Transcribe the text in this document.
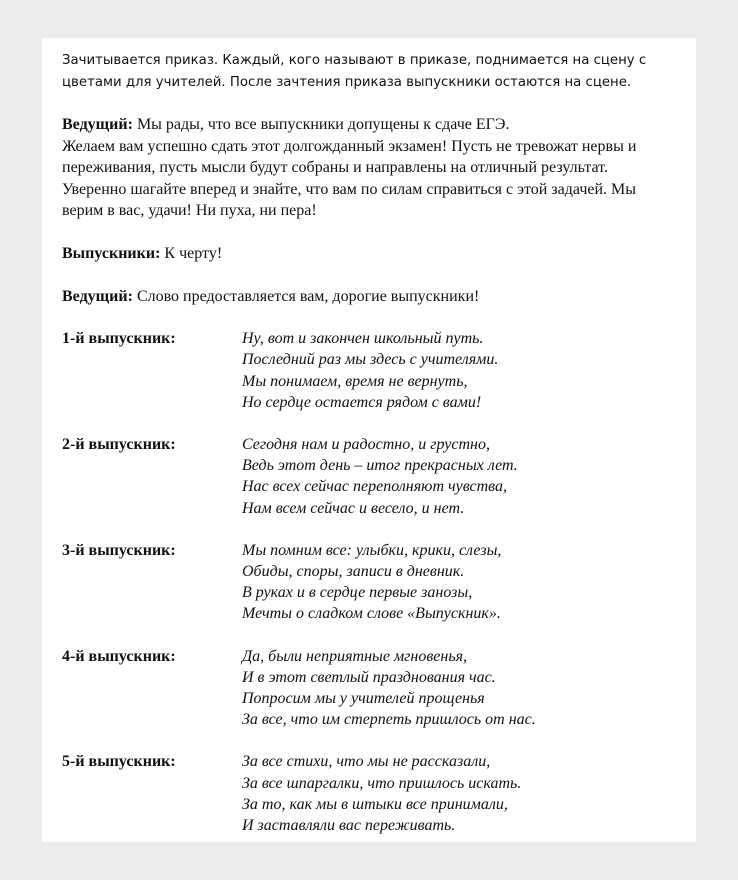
Зачитывается приказ. Каждый, кого называют в приказе, поднимается на сцену с цветами для учителей. После зачтения приказа выпускники остаются на сцене.

Ведущий: Мы рады, что все выпускники допущены к сдаче ЕГЭ.
Желаем вам успешно сдать этот долгожданный экзамен! Пусть не тревожат нервы и переживания, пусть мысли будут собраны и направлены на отличный результат. Уверенно шагайте вперед и знайте, что вам по силам справиться с этой задачей. Мы верим в вас, удачи! Ни пуха, ни пера!

Выпускники: К черту!

Ведущий: Слово предоставляется вам, дорогие выпускники!

1-й выпускник:	Ну, вот и закончен школьный путь.
Последний раз мы здесь с учителями.
Мы понимаем, время не вернуть,
Но сердце остается рядом с вами!
2-й выпускник:	Сегодня нам и радостно, и грустно,
Ведь этот день – итог прекрасных лет.
Нас всех сейчас переполняют чувства,
Нам всем сейчас и весело, и нет.
3-й выпускник:	Мы помним все: улыбки, крики, слезы,
Обиды, споры, записи в дневник.
В руках и в сердце первые занозы,
Мечты о сладком слове «Выпускник».
4-й выпускник:	Да, были неприятные мгновенья,
И в этот светлый празднования час.
Попросим мы у учителей прощенья
За все, что им стерпеть пришлось от нас.
5-й выпускник:	За все стихи, что мы не рассказали,
За все шпаргалки, что пришлось искать.
За то, как мы в штыки все принимали,
И заставляли вас переживать.
